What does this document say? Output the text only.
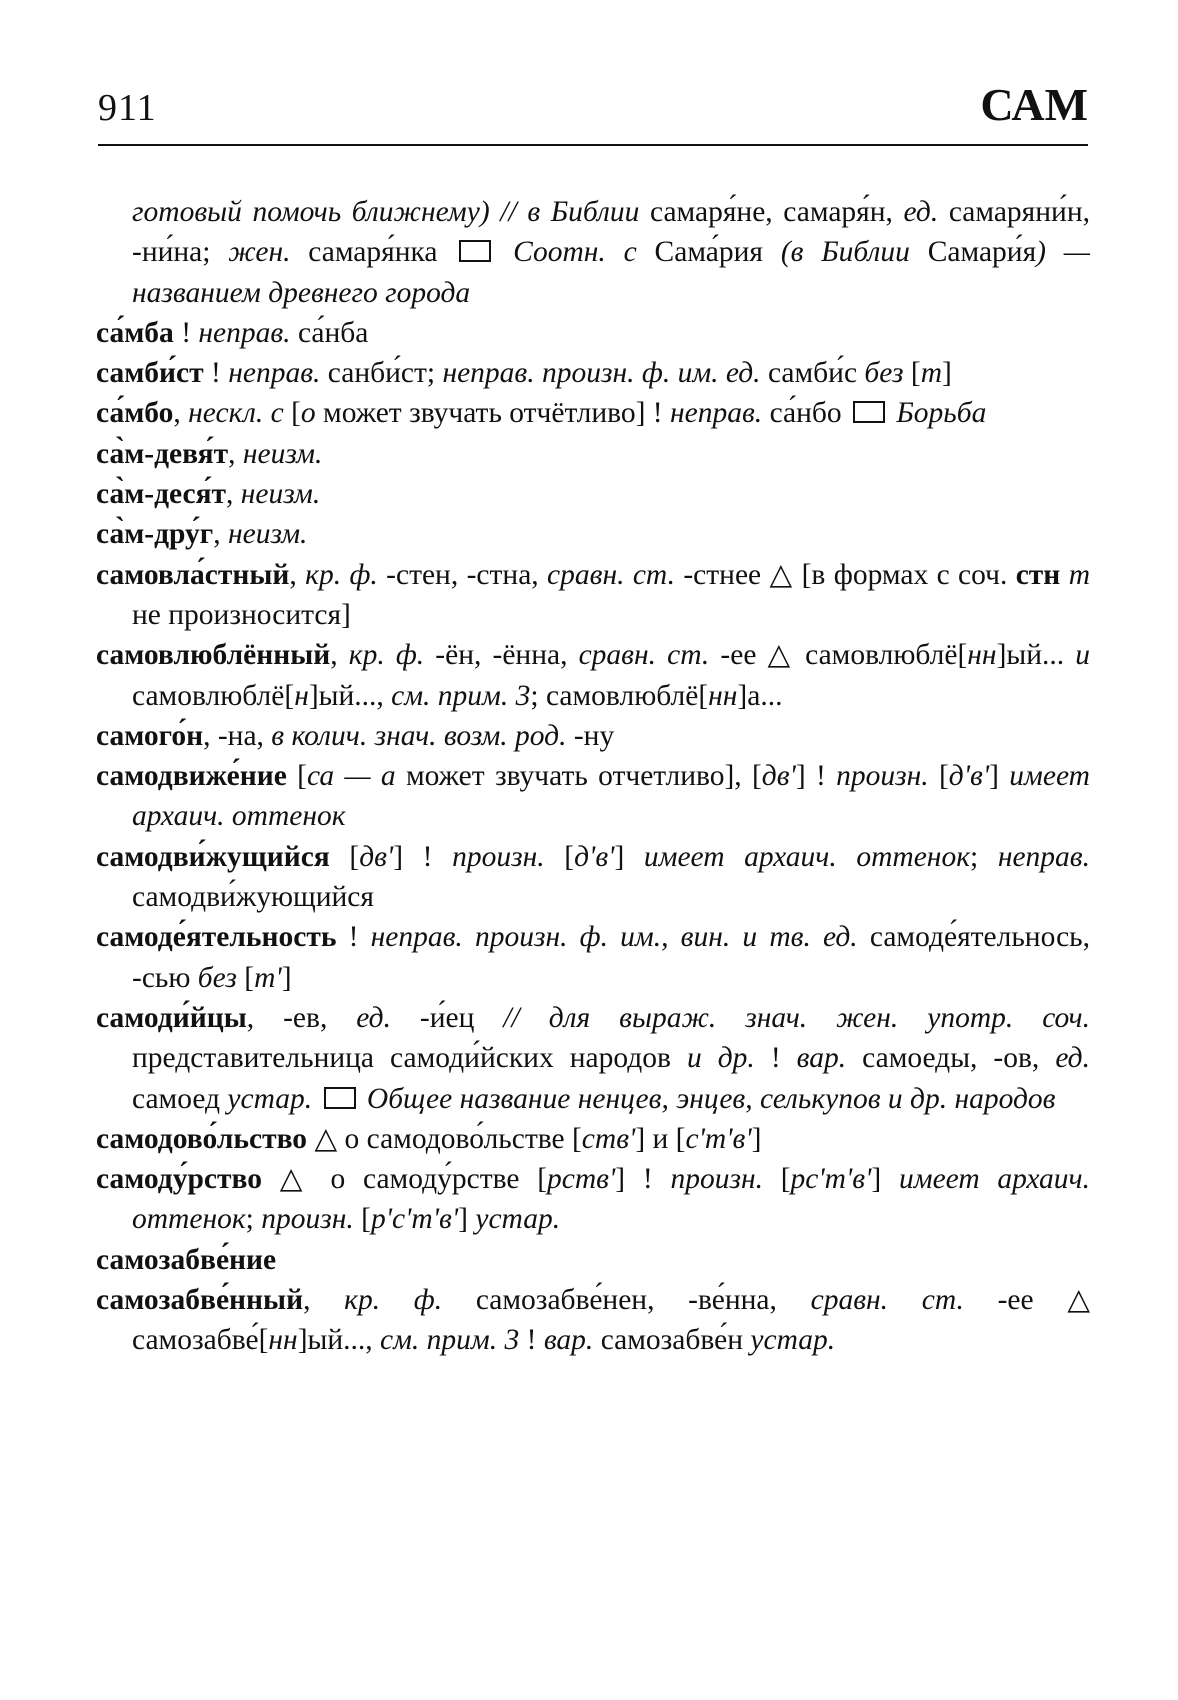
911	САМ
готовый помочь ближнему) // в Библии самаря́не, самаря́н, ед. самаряни́н, -ни́на; жен. самаря́нка  Соотн. с Сама́рия (в Библии Самари́я) — названием древнего города
са́мба ! неправ. са́нба
самби́ст ! неправ. санби́ст; неправ. произн. ф. им. ед. самби́с без [т]
са́мбо, нескл. с [о может звучать отчётливо] ! неправ. са́нбо  Борьба
са̀м-девя́т, неизм.
са̀м-деся́т, неизм.
са̀м-дру́г, неизм.
самовла́стный, кр. ф. -стен, -стна, сравн. ст. -стнее △ [в формах с соч. стн т не произносится]
самовлюблённый, кр. ф. -ён, -ённа, сравн. ст. -ее △ самовлюблё[нн]ый... и самовлюблё[н]ый..., см. прим. 3; самовлюблё[нн]а...
самого́н, -на, в колич. знач. возм. род. -ну
самодвиже́ние [са — а может звучать отчетливо], [дв'] ! произн. [д'в'] имеет архаич. оттенок
самодви́жущийся [дв'] ! произн. [д'в'] имеет архаич. оттенок; неправ. самодви́жующийся
самоде́ятельность ! неправ. произн. ф. им., вин. и тв. ед. самоде́ятельнось, -сью без [т']
самоди́йцы, -ев, ед. -и́ец // для выраж. знач. жен. употр. соч. представительница самоди́йских народов и др. ! вар. самоеды, -ов, ед. самоед устар.  Общее название ненцев, энцев, селькупов и др. народов
самодово́льство △ о самодово́льстве [ств'] и [с'т'в']
самоду́рство △ о самоду́рстве [рств'] ! произн. [рс'т'в'] имеет архаич. оттенок; произн. [р'с'т'в'] устар.
самозабве́ние
самозабве́нный, кр. ф. самозабве́нен, -ве́нна, сравн. ст. -ее △ самозабве́[нн]ый..., см. прим. 3 ! вар. самозабве́н устар.
